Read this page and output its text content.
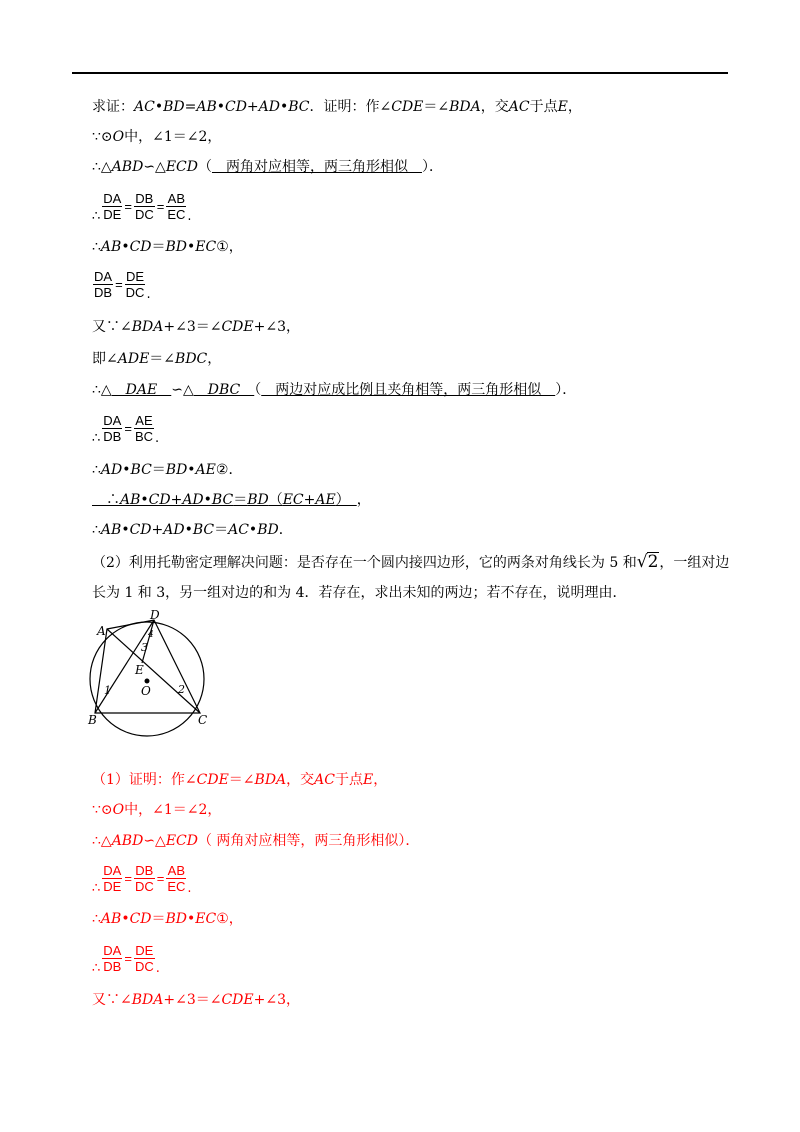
求证：AC•BD=AB•CD+AD•BC．证明：作∠CDE＝∠BDA，交AC于点E，
∵⊙O中，∠1＝∠2，
∴△ABD∽△ECD（　两角对应相等，两三角形相似　）．
∴ $\frac{DA}{DE} = \frac{DB}{DC} = \frac{AB}{EC}$ .
∴AB•CD＝BD•EC①，
$\frac{DA}{DB} = \frac{DE}{DC}$ .
又∵∠BDA+∠3＝∠CDE+∠3，
即∠ADE＝∠BDC，
∴△　DAE　∽△　DBC　（　两边对应成比例且夹角相等，两三角形相似　）．
∴ $\frac{DA}{DB} = \frac{AE}{BC}$ .
∴AD•BC＝BD•AE②．
　∴AB•CD+AD•BC＝BD（EC+AE）　，
∴AB•CD+AD•BC＝AC•BD．
（2）利用托勒密定理解决问题：是否存在一个圆内接四边形，它的两条对角线长为 5 和√2，一组对边
长为 1 和 3，另一组对边的和为 4．若存在，求出未知的两边；若不存在，说明理由．
A
B	C
D
E
O
1	2
3
4
（1）证明：作∠CDE＝∠BDA，交AC于点E，
∵⊙O中，∠1＝∠2，
∴△ABD∽△ECD（ 两角对应相等，两三角形相似）．
∴ $\frac{DA}{DE} = \frac{DB}{DC} = \frac{AB}{EC}$ .
∴AB•CD＝BD•EC①，
∴ $\frac{DA}{DB} = \frac{DE}{DC}$ .
又∵∠BDA+∠3＝∠CDE+∠3，
